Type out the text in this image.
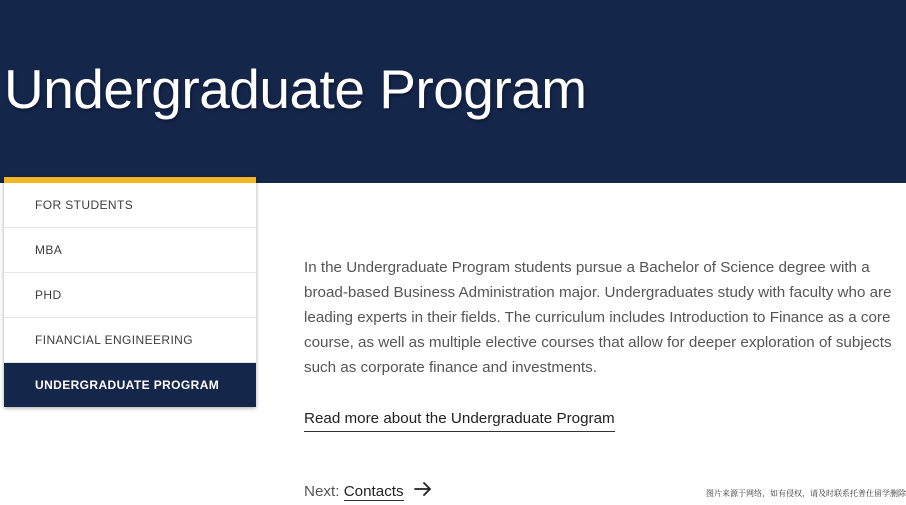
Undergraduate Program
FOR STUDENTS
MBA
PHD
FINANCIAL ENGINEERING
UNDERGRADUATE PROGRAM

In the Undergraduate Program students pursue a Bachelor of Science degree with a broad-based Business Administration major. Undergraduates study with faculty who are leading experts in their fields. The curriculum includes Introduction to Finance as a core course, as well as multiple elective courses that allow for deeper exploration of subjects such as corporate finance and investments.

Read more about the Undergraduate Program
Next: Contacts	图片来源于网络，如有侵权，请及时联系托普仕留学删除
